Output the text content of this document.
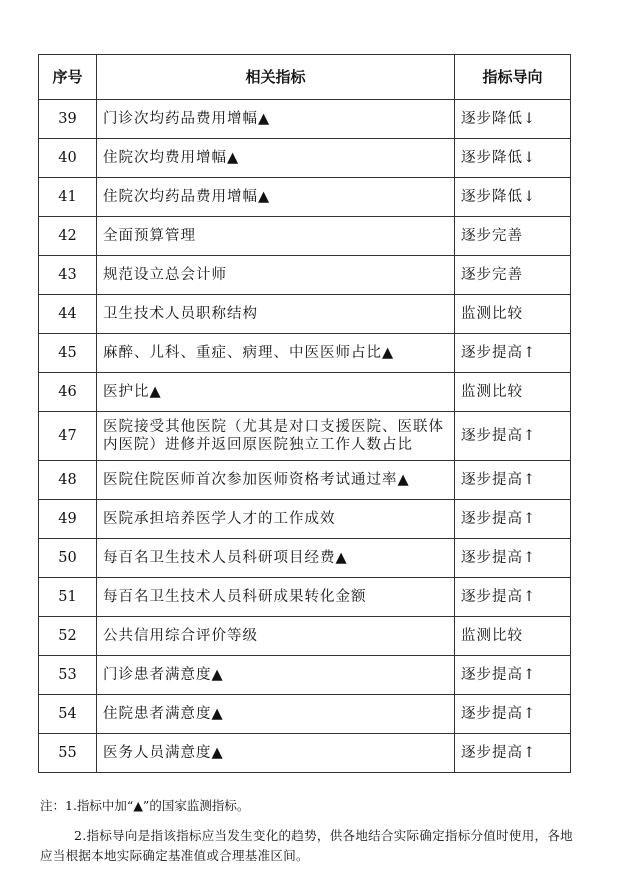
序号	相关指标	指标导向
39	门诊次均药品费用增幅▲	逐步降低↓
40	住院次均费用增幅▲	逐步降低↓
41	住院次均药品费用增幅▲	逐步降低↓
42	全面预算管理	逐步完善
43	规范设立总会计师	逐步完善
44	卫生技术人员职称结构	监测比较
45	麻醉、儿科、重症、病理、中医医师占比▲	逐步提高↑
46	医护比▲	监测比较
47	医院接受其他医院（尤其是对口支援医院、医联体内医院）进修并返回原医院独立工作人数占比	逐步提高↑
48	医院住院医师首次参加医师资格考试通过率▲	逐步提高↑
49	医院承担培养医学人才的工作成效	逐步提高↑
50	每百名卫生技术人员科研项目经费▲	逐步提高↑
51	每百名卫生技术人员科研成果转化金额	逐步提高↑
52	公共信用综合评价等级	监测比较
53	门诊患者满意度▲	逐步提高↑
54	住院患者满意度▲	逐步提高↑
55	医务人员满意度▲	逐步提高↑

注：1.指标中加“▲”的国家监测指标。

2.指标导向是指该指标应当发生变化的趋势，供各地结合实际确定指标分值时使用，各地应当根据本地实际确定基准值或合理基准区间。
